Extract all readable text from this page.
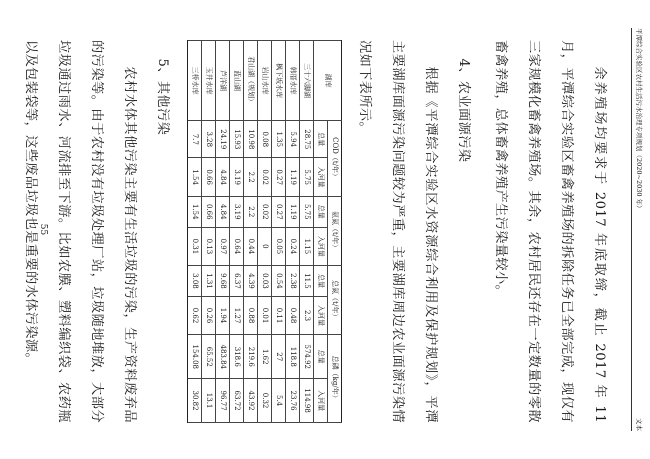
平潭综合实验区农村生活污水治理专项规划（2020~2030 年）
文本

余养殖场均要求于 2017 年底取缔，截止 2017 年 11 月，平潭综合实验区畜禽养殖场的拆除任务已全部完成，现仅有三家规模化畜禽养殖场。其余，农村居民还存在一定数量的零散畜禽养殖，总体畜禽养殖产生污染量较小。

4、农业面源污染

根据《平潭综合实验区水资源综合利用及保护规划》，平潭主要湖库面源污染问题较为严重，主要湖库周边农业面源污染情况如下表所示。

湖库	COD（t/年）		氨氮（t/年）		总氮（t/年）		总磷（kg/年）	
	总量	入河量	总量	入河量	总量	入河量	总量	入河量
三十六脚湖	28.75	5.75	5.75	1.15	11.5	2.3	574.92	114.98
韩厝水库	5.94	1.19	1.19	0.24	2.38	0.48	118.8	23.76
枫下坂水库	1.35	0.27	0.27	0.05	0.54	0.11	27	5.4
岩山水库	0.08	0.02	0.02	0	0.03	0.01	1.62	0.32
君山湖（规划）	10.98	2.2	2.2	0.44	4.39	0.88	219.6	43.92
蓝山湖	15.93	3.19	3.19	0.64	6.37	1.27	318.6	63.72
芦洋湖	24.19	4.84	4.84	0.97	9.68	1.94	483.84	96.77
玉井水库	3.28	0.66	0.66	0.13	1.31	0.26	65.52	13.1
三桥水库	7.7	1.54	1.54	0.31	3.08	0.62	154.08	30.82

5、其他污染

农村水体其他污染主要有生活垃圾的污染，生产资料废弃品的污染等。由于农村没有垃圾处理厂站，垃圾随地堆放，大部分垃圾通过雨水、河流排至下游。比如农膜、塑料编织袋、农药瓶以及包装袋等，这些废品垃圾也是重要的水体污染源。 55
